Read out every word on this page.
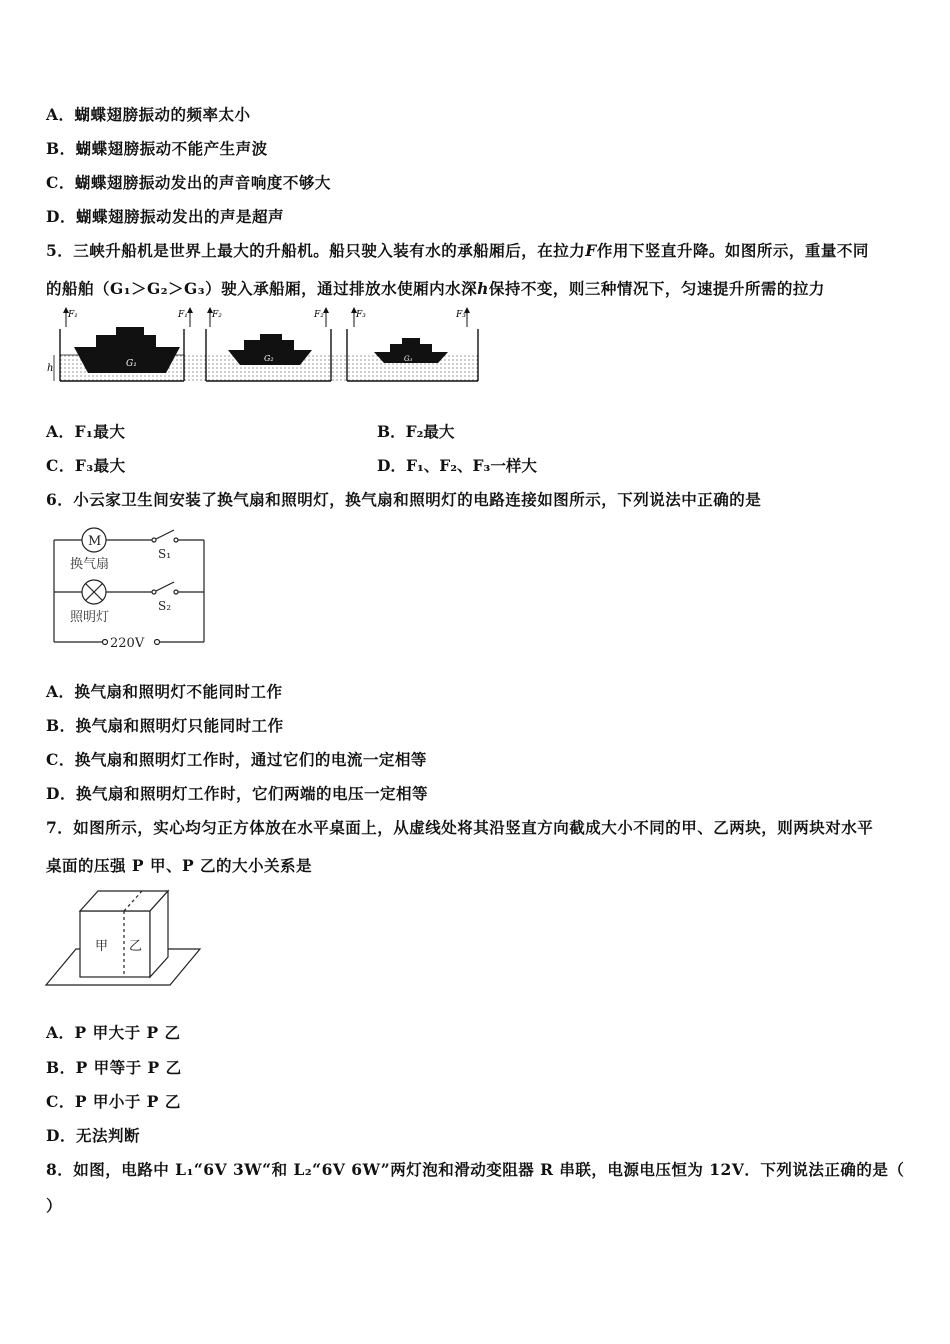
A．蝴蝶翅膀振动的频率太小
B．蝴蝶翅膀振动不能产生声波
C．蝴蝶翅膀振动发出的声音响度不够大
D．蝴蝶翅膀振动发出的声是超声
5．三峡升船机是世界上最大的升船机。船只驶入装有水的承船厢后，在拉力F作用下竖直升降。如图所示，重量不同
的船舶（G₁＞G₂＞G₃）驶入承船厢，通过排放水使厢内水深h保持不变，则三种情况下，匀速提升所需的拉力
G₁
h
G₂	G₃
F₁	F₁	F₂	F₂	F₃	F₃
A．F₁最大	B．F₂最大
C．F₃最大	D．F₁、F₂、F₃一样大
6．小云家卫生间安装了换气扇和照明灯，换气扇和照明灯的电路连接如图所示，下列说法中正确的是
M
换气扇
S₁
照明灯
S₂
220V
A．换气扇和照明灯不能同时工作
B．换气扇和照明灯只能同时工作
C．换气扇和照明灯工作时，通过它们的电流一定相等
D．换气扇和照明灯工作时，它们两端的电压一定相等
7．如图所示，实心均匀正方体放在水平桌面上，从虚线处将其沿竖直方向截成大小不同的甲、乙两块，则两块对水平
桌面的压强 P 甲、P 乙的大小关系是
甲 乙
A．P 甲大于 P 乙
B．P 甲等于 P 乙
C．P 甲小于 P 乙
D．无法判断
8．如图，电路中 L₁“6V 3W“和 L₂“6V 6W”两灯泡和滑动变阻器 R 串联，电源电压恒为 12V．下列说法正确的是（
）
